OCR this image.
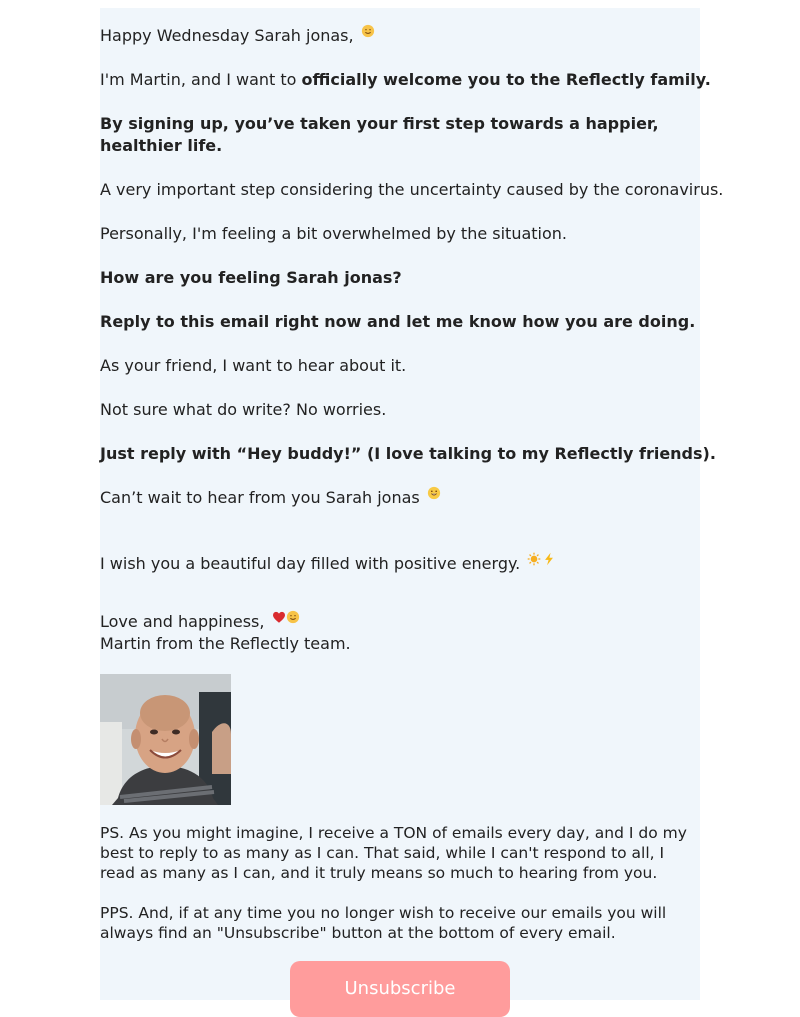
Happy Wednesday Sarah jonas,

I'm Martin, and I want to officially welcome you to the Reflectly family.

By signing up, you’ve taken your first step towards a happier, healthier life.

A very important step considering the uncertainty caused by the coronavirus.

Personally, I'm feeling a bit overwhelmed by the situation.

How are you feeling Sarah jonas?

Reply to this email right now and let me know how you are doing.

As your friend, I want to hear about it.

Not sure what do write? No worries.

Just reply with “Hey buddy!” (I love talking to my Reflectly friends).

Can’t wait to hear from you Sarah jonas

I wish you a beautiful day filled with positive energy.

Love and happiness,

Martin from the Reflectly team.

PS. As you might imagine, I receive a TON of emails every day, and I do my best to reply to as many as I can. That said, while I can't respond to all, I read as many as I can, and it truly means so much to hearing from you.

PPS. And, if at any time you no longer wish to receive our emails you will always find an "Unsubscribe" button at the bottom of every email.

Unsubscribe
